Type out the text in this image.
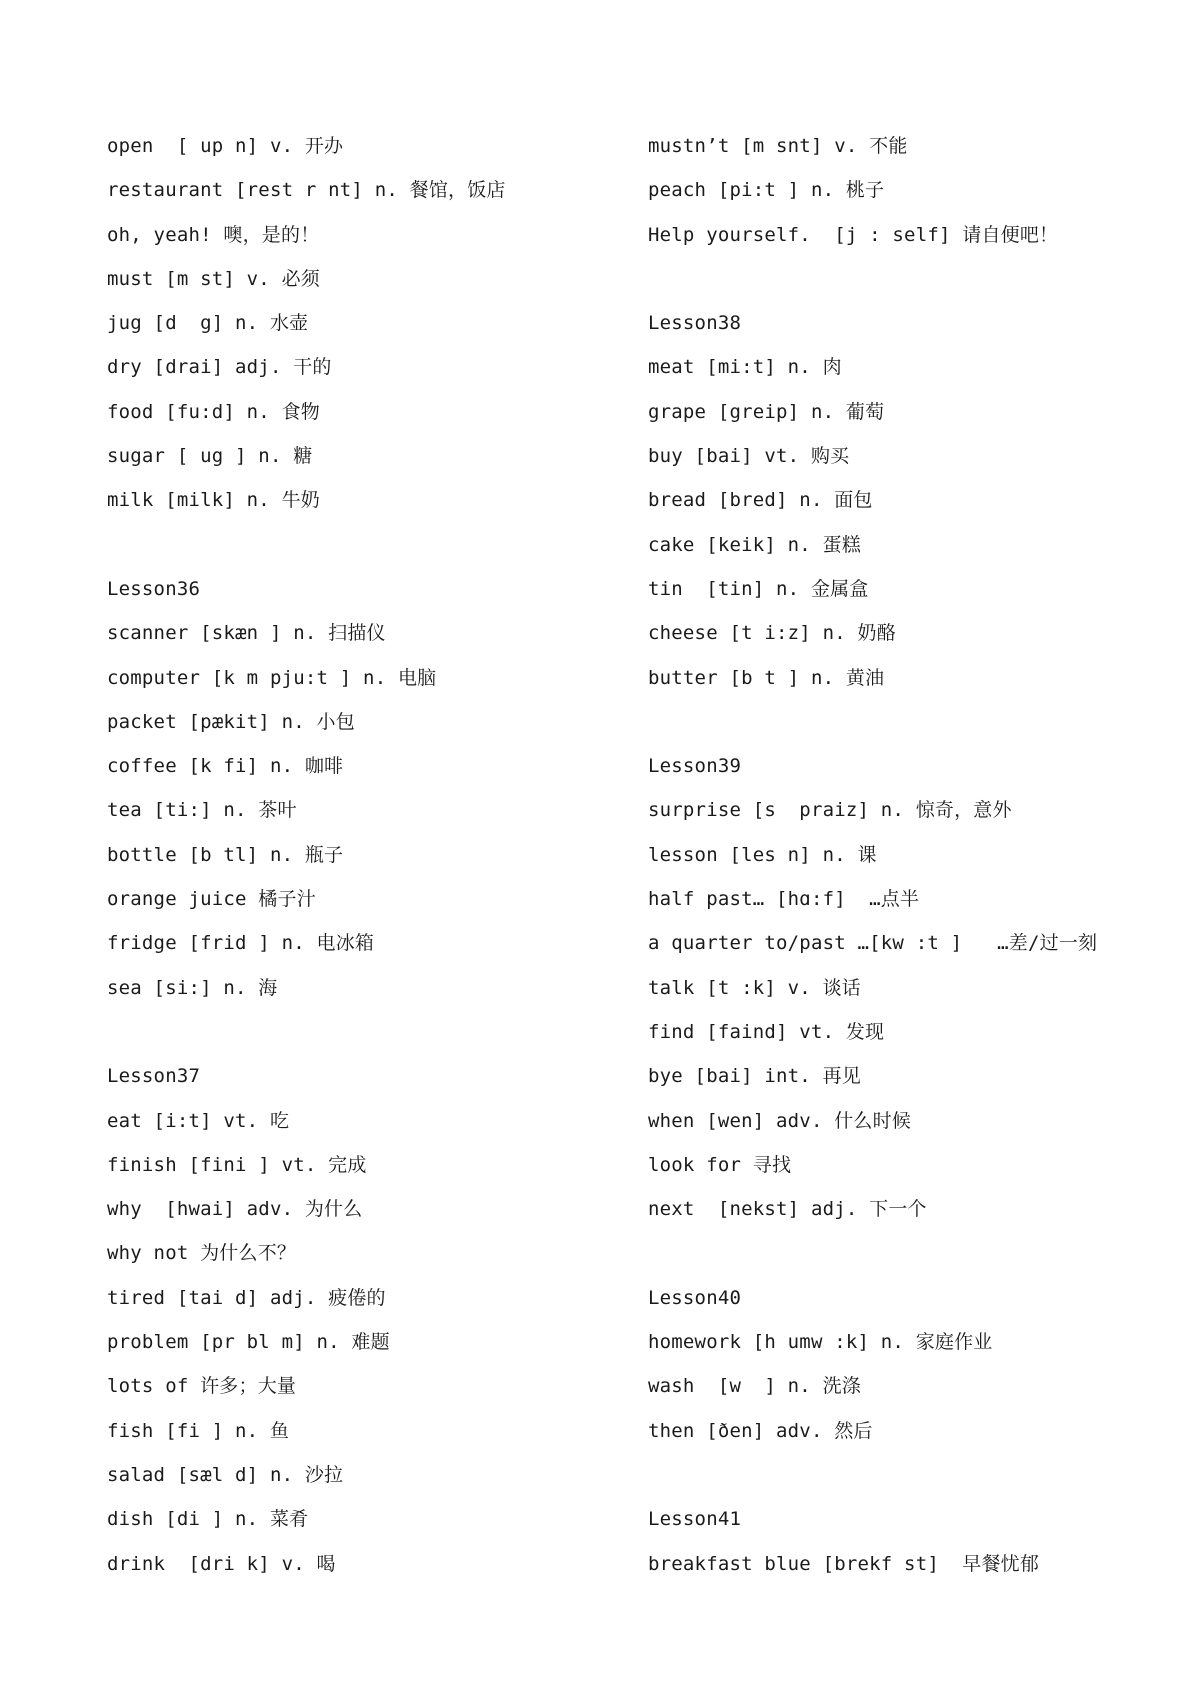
open  [ up n] v. 开办
restaurant [rest r nt] n. 餐馆，饭店
oh, yeah! 噢，是的！
must [m st] v. 必须
jug [d  g] n. 水壶
dry [drai] adj. 干的
food [fu:d] n. 食物
sugar [ ug ] n. 糖
milk [milk] n. 牛奶
Lesson36
scanner [skæn ] n. 扫描仪
computer [k m pju:t ] n. 电脑
packet [pækit] n. 小包
coffee [k fi] n. 咖啡
tea [ti:] n. 茶叶
bottle [b tl] n. 瓶子
orange juice 橘子汁
fridge [frid ] n. 电冰箱
sea [si:] n. 海
Lesson37
eat [i:t] vt. 吃
finish [fini ] vt. 完成
why  [hwai] adv. 为什么
why not 为什么不？
tired [tai d] adj. 疲倦的
problem [pr bl m] n. 难题
lots of 许多；大量
fish [fi ] n. 鱼
salad [sæl d] n. 沙拉
dish [di ] n. 菜肴
drink  [dri k] v. 喝
mustn’t [m snt] v. 不能
peach [pi:t ] n. 桃子
Help yourself.  [j : self] 请自便吧！
Lesson38
meat [mi:t] n. 肉
grape [greip] n. 葡萄
buy [bai] vt. 购买
bread [bred] n. 面包
cake [keik] n. 蛋糕
tin  [tin] n. 金属盒
cheese [t i:z] n. 奶酪
butter [b t ] n. 黄油
Lesson39
surprise [s  praiz] n. 惊奇，意外
lesson [les n] n. 课
half past… [hɑ:f]  …点半
a quarter to/past …[kw :t ]   …差/过一刻
talk [t :k] v. 谈话
find [faind] vt. 发现
bye [bai] int. 再见
when [wen] adv. 什么时候
look for 寻找
next  [nekst] adj. 下一个
Lesson40
homework [h umw :k] n. 家庭作业
wash  [w  ] n. 洗涤
then [ðen] adv. 然后
Lesson41
breakfast blue [brekf st]  早餐忧郁
